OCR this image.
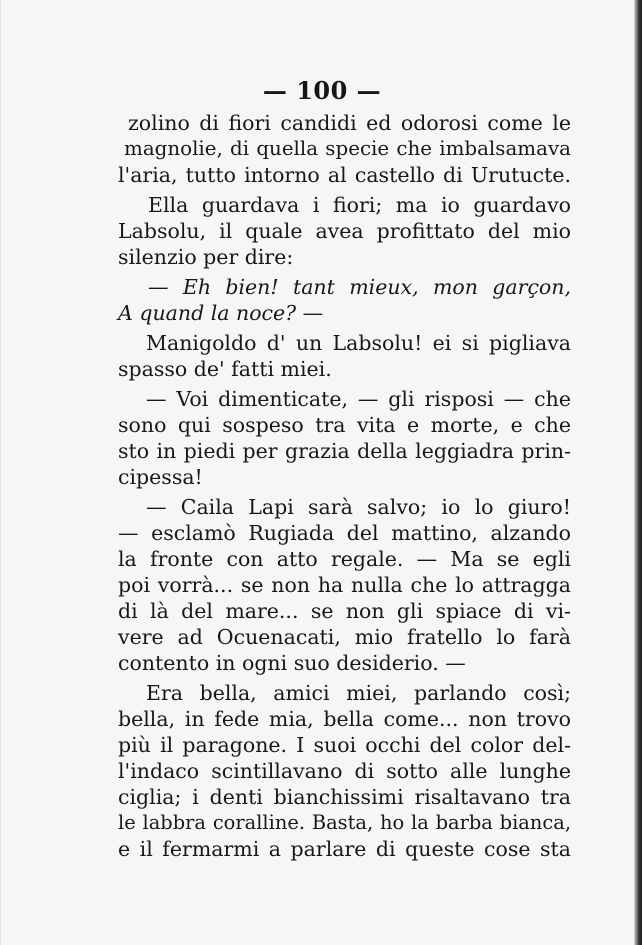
— 100 —
zolino di fiori candidi ed odorosi come le
magnolie, di quella specie che imbalsamava
l'aria, tutto intorno al castello di Urutucte.
Ella guardava i fiori; ma io guardavo
Labsolu, il quale avea profittato del mio
silenzio per dire:
— Eh bien! tant mieux, mon garçon,
A quand la noce? —
Manigoldo d' un Labsolu! ei si pigliava
spasso de' fatti miei.
— Voi dimenticate, — gli risposi — che
sono qui sospeso tra vita e morte, e che
sto in piedi per grazia della leggiadra prin-
cipessa!
— Caila Lapi sarà salvo; io lo giuro!
— esclamò Rugiada del mattino, alzando
la fronte con atto regale. — Ma se egli
poi vorrà... se non ha nulla che lo attragga
di là del mare... se non gli spiace di vi-
vere ad Ocuenacati, mio fratello lo farà
contento in ogni suo desiderio. —
Era bella, amici miei, parlando così;
bella, in fede mia, bella come... non trovo
più il paragone. I suoi occhi del color del-
l'indaco scintillavano di sotto alle lunghe
ciglia; i denti bianchissimi risaltavano tra
le labbra coralline. Basta, ho la barba bianca,
e il fermarmi a parlare di queste cose sta
